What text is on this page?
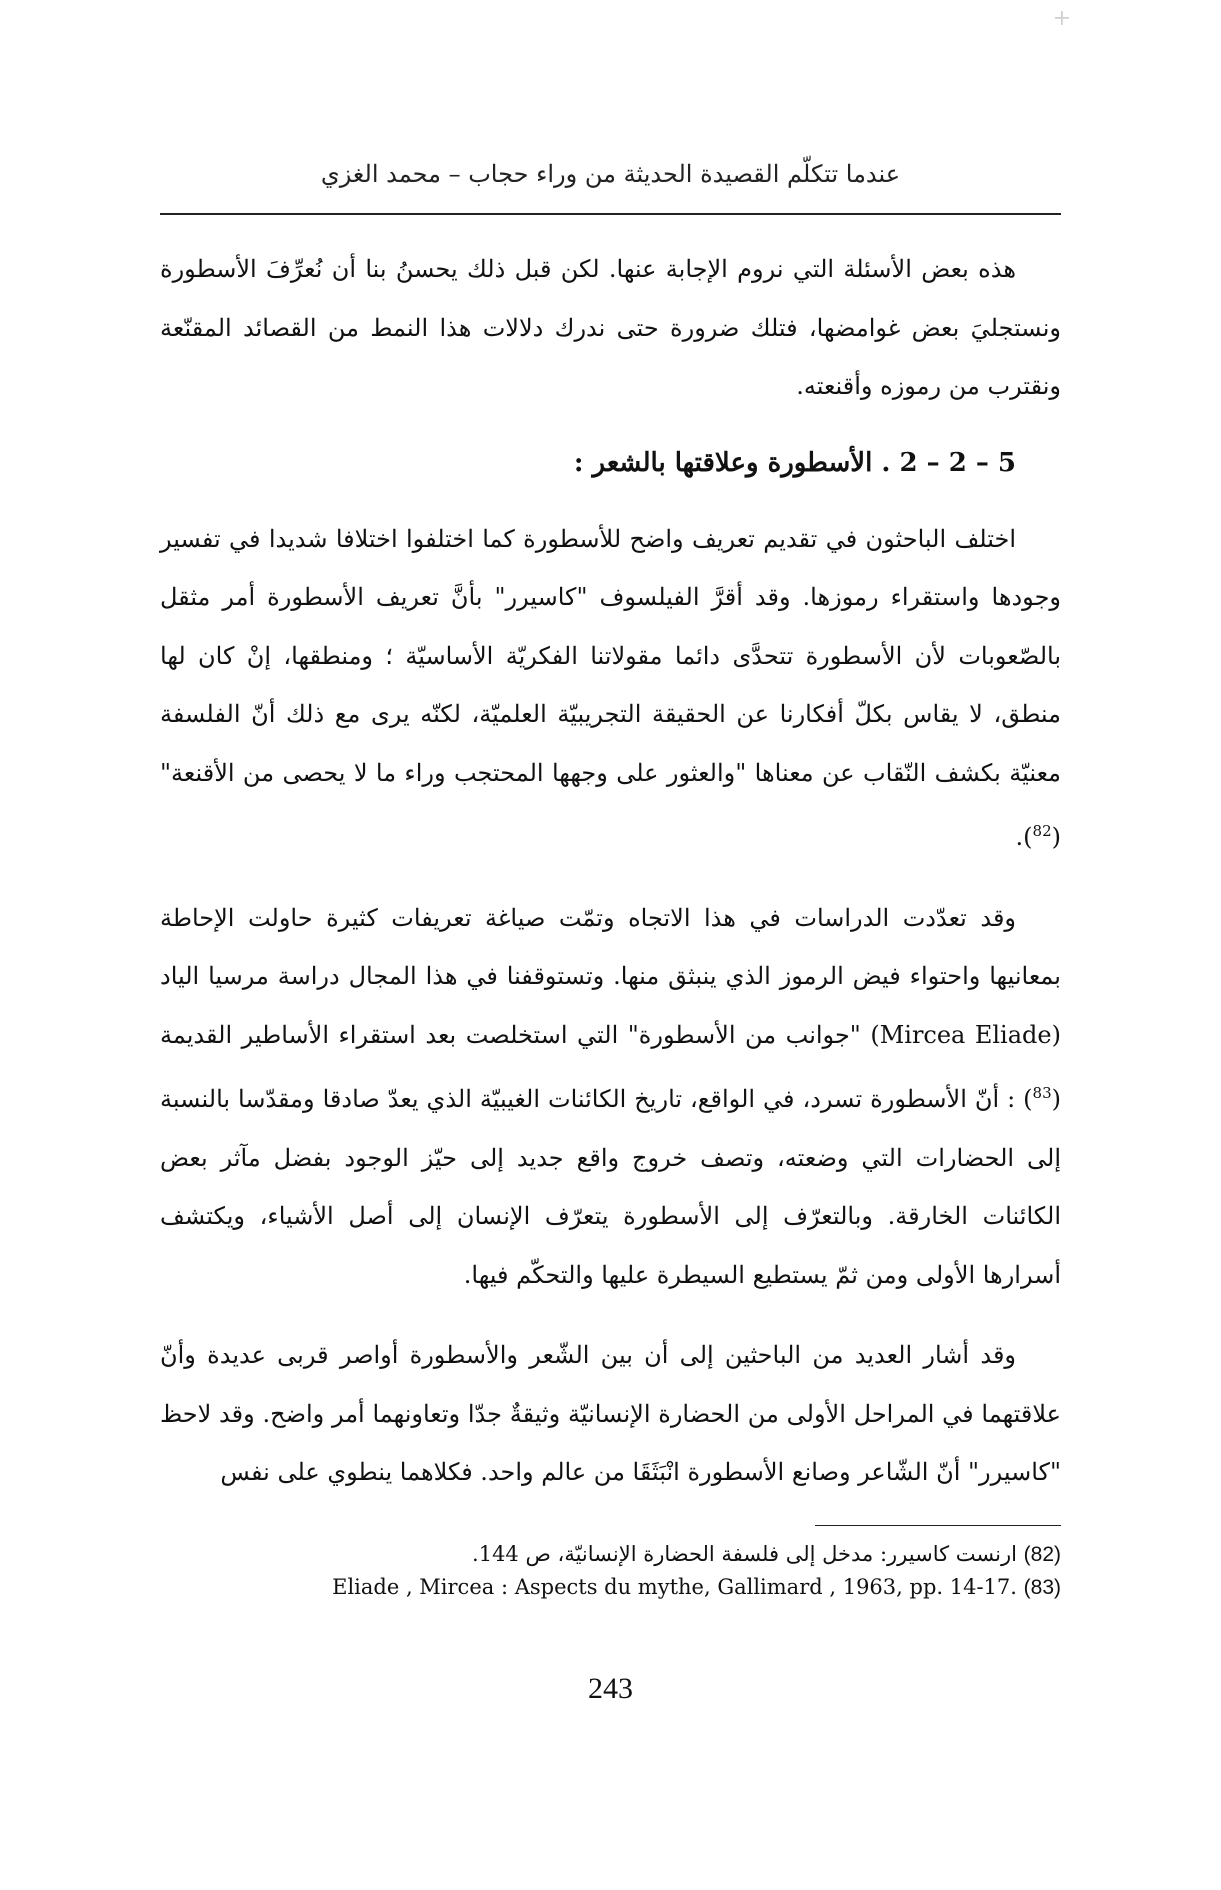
+
عندما تتكلّم القصيدة الحديثة من وراء حجاب – محمد الغزي

هذه بعض الأسئلة التي نروم الإجابة عنها. لكن قبل ذلك يحسنُ بنا أن نُعرِّفَ الأسطورة ونستجليَ بعض غوامضها، فتلك ضرورة حتى ندرك دلالات هذا النمط من القصائد المقنّعة ونقترب من رموزه وأقنعته.

5 – 2 – 2 . الأسطورة وعلاقتها بالشعر :

اختلف الباحثون في تقديم تعريف واضح للأسطورة كما اختلفوا اختلافا شديدا في تفسير وجودها واستقراء رموزها. وقد أقرَّ الفيلسوف "كاسيرر" بأنَّ تعريف الأسطورة أمر مثقل بالصّعوبات لأن الأسطورة تتحدَّى دائما مقولاتنا الفكريّة الأساسيّة ؛ ومنطقها، إنْ كان لها منطق، لا يقاس بكلّ أفكارنا عن الحقيقة التجريبيّة العلميّة، لكنّه يرى مع ذلك أنّ الفلسفة معنيّة بكشف النّقاب عن معناها "والعثور على وجهها المحتجب وراء ما لا يحصى من الأقنعة" ($^{82}$).

وقد تعدّدت الدراسات في هذا الاتجاه وتمّت صياغة تعريفات كثيرة حاولت الإحاطة بمعانيها واحتواء فيض الرموز الذي ينبثق منها. وتستوقفنا في هذا المجال دراسة مرسيا الياد (Mircea Eliade) "جوانب من الأسطورة" التي استخلصت بعد استقراء الأساطير القديمة ($^{83}$) : أنّ الأسطورة تسرد، في الواقع، تاريخ الكائنات الغيبيّة الذي يعدّ صادقا ومقدّسا بالنسبة إلى الحضارات التي وضعته، وتصف خروج واقع جديد إلى حيّز الوجود بفضل مآثر بعض الكائنات الخارقة. وبالتعرّف إلى الأسطورة يتعرّف الإنسان إلى أصل الأشياء، ويكتشف أسرارها الأولى ومن ثمّ يستطيع السيطرة عليها والتحكّم فيها.

وقد أشار العديد من الباحثين إلى أن بين الشّعر والأسطورة أواصر قربى عديدة وأنّ علاقتهما في المراحل الأولى من الحضارة الإنسانيّة وثيقةٌ جدّا وتعاونهما أمر واضح. وقد لاحظ "كاسيرر" أنّ الشّاعر وصانع الأسطورة انْبَثَقَا من عالم واحد. فكلاهما ينطوي على نفس

(82) ارنست كاسيرر: مدخل إلى فلسفة الحضارة الإنسانيّة، ص 144.

(83) Eliade , Mircea : Aspects du mythe, Gallimard , 1963, pp. 14-17.

243
